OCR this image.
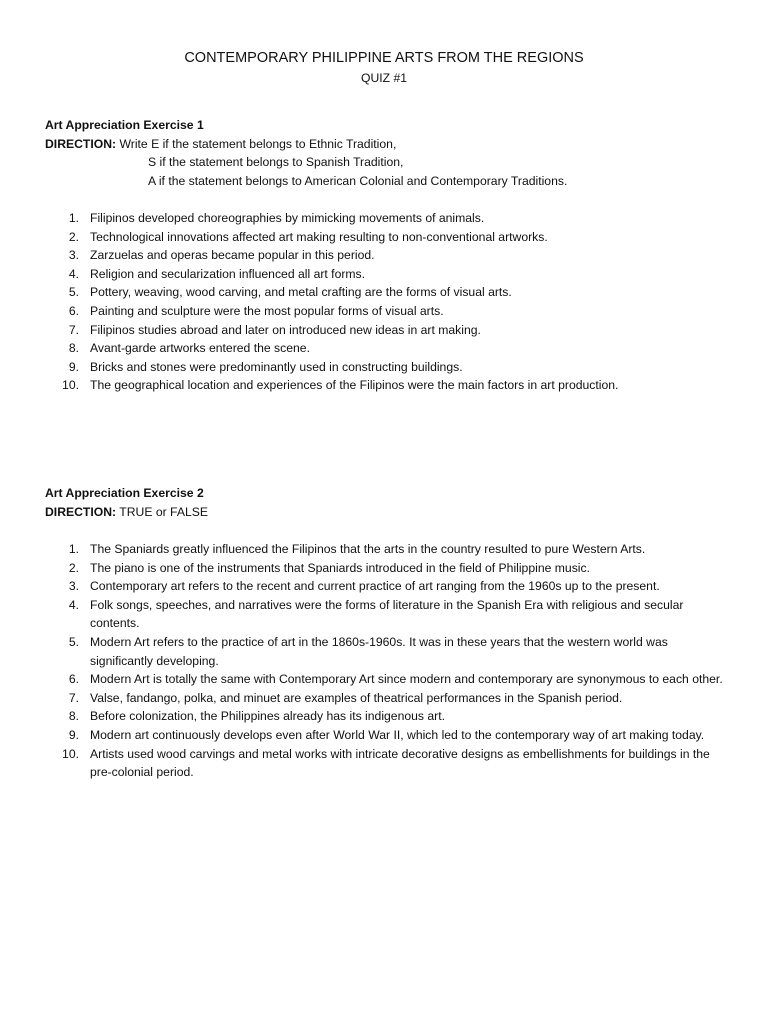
CONTEMPORARY PHILIPPINE ARTS FROM THE REGIONS
QUIZ #1
Art Appreciation Exercise 1
DIRECTION: Write E if the statement belongs to Ethnic Tradition,
S if the statement belongs to Spanish Tradition,
A if the statement belongs to American Colonial and Contemporary Traditions.
1. Filipinos developed choreographies by mimicking movements of animals.
2. Technological innovations affected art making resulting to non-conventional artworks.
3. Zarzuelas and operas became popular in this period.
4. Religion and secularization influenced all art forms.
5. Pottery, weaving, wood carving, and metal crafting are the forms of visual arts.
6. Painting and sculpture were the most popular forms of visual arts.
7. Filipinos studies abroad and later on introduced new ideas in art making.
8. Avant-garde artworks entered the scene.
9. Bricks and stones were predominantly used in constructing buildings.
10. The geographical location and experiences of the Filipinos were the main factors in art production.
Art Appreciation Exercise 2
DIRECTION: TRUE or FALSE
1. The Spaniards greatly influenced the Filipinos that the arts in the country resulted to pure Western Arts.
2. The piano is one of the instruments that Spaniards introduced in the field of Philippine music.
3. Contemporary art refers to the recent and current practice of art ranging from the 1960s up to the present.
4. Folk songs, speeches, and narratives were the forms of literature in the Spanish Era with religious and secular contents.
5. Modern Art refers to the practice of art in the 1860s-1960s. It was in these years that the western world was significantly developing.
6. Modern Art is totally the same with Contemporary Art since modern and contemporary are synonymous to each other.
7. Valse, fandango, polka, and minuet are examples of theatrical performances in the Spanish period.
8. Before colonization, the Philippines already has its indigenous art.
9. Modern art continuously develops even after World War II, which led to the contemporary way of art making today.
10. Artists used wood carvings and metal works with intricate decorative designs as embellishments for buildings in the pre-colonial period.
